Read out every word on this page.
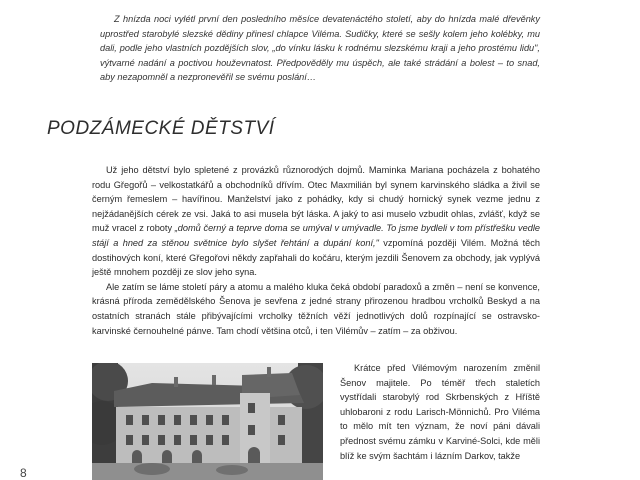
Z hnízda noci vylétl první den posledního měsíce devatenáctého století, aby do hnízda malé dřevěnky uprostřed starobylé slezské dědiny přinesl chlapce Viléma. Sudičky, které se sešly kolem jeho kolébky, mu dali, podle jeho vlastních pozdějších slov, „do vínku lásku k rodnému slezskému kraji a jeho prostému lidu", výtvarné nadání a poctivou houževnatost. Předpověděly mu úspěch, ale také strádání a bolest – to snad, aby nezapomněl a nezpronevěřil se svému poslání…
PODZÁMECKÉ DĚTSTVÍ

Už jeho dětství bylo spletené z provázků různorodých dojmů. Maminka Mariana pocházela z bohatého rodu Gřegořů – velkostatkářů a obchodníků dřívím. Otec Maxmilián byl synem karvinského sládka a živil se černým řemeslem – havířinou. Manželství jako z pohádky, kdy si chudý hornický synek vezme jednu z nejžádanějších cérek ze vsi. Jaká to asi musela být láska. A jaký to asi muselo vzbudit ohlas, zvlášť, když se muž vracel z roboty „domů černý a teprve doma se umýval v umývadle. To jsme bydleli v tom přístřešku vedle stájí a hned za stěnou světnice bylo slyšet řehtání a dupání koní," vzpomíná později Vilém. Možná těch dostihových koní, které Gřegořovi někdy zapřahali do kočáru, kterým jezdili Šenovem za obchody, jak vyplývá ještě mnohem později ze slov jeho syna.

Ale zatím se láme století páry a atomu a malého kluka čeká období paradoxů a změn – není se konvence, krásná příroda zemědělského Šenova je sevřena z jedné strany přirozenou hradbou vrcholků Beskyd a na ostatních stranách stále přibývajícími vrcholky těžních věží jednotlivých dolů rozpínající se ostravsko-karvinské černouhelné pánve. Tam chodí většina otců, i ten Vilémův – zatím – za obživou.

Krátce před Vilémovým narozením změnil Šenov majitele. Po téměř třech staletích vystřídali starobylý rod Skrbenských z Hříště uhlobaroni z rodu Larisch-Mönnichů. Pro Viléma to mělo mít ten význam, že noví páni dávali přednost svému zámku v Karviné-Solci, kde měli blíž ke svým šachtám i lázním Darkov, takže

8
